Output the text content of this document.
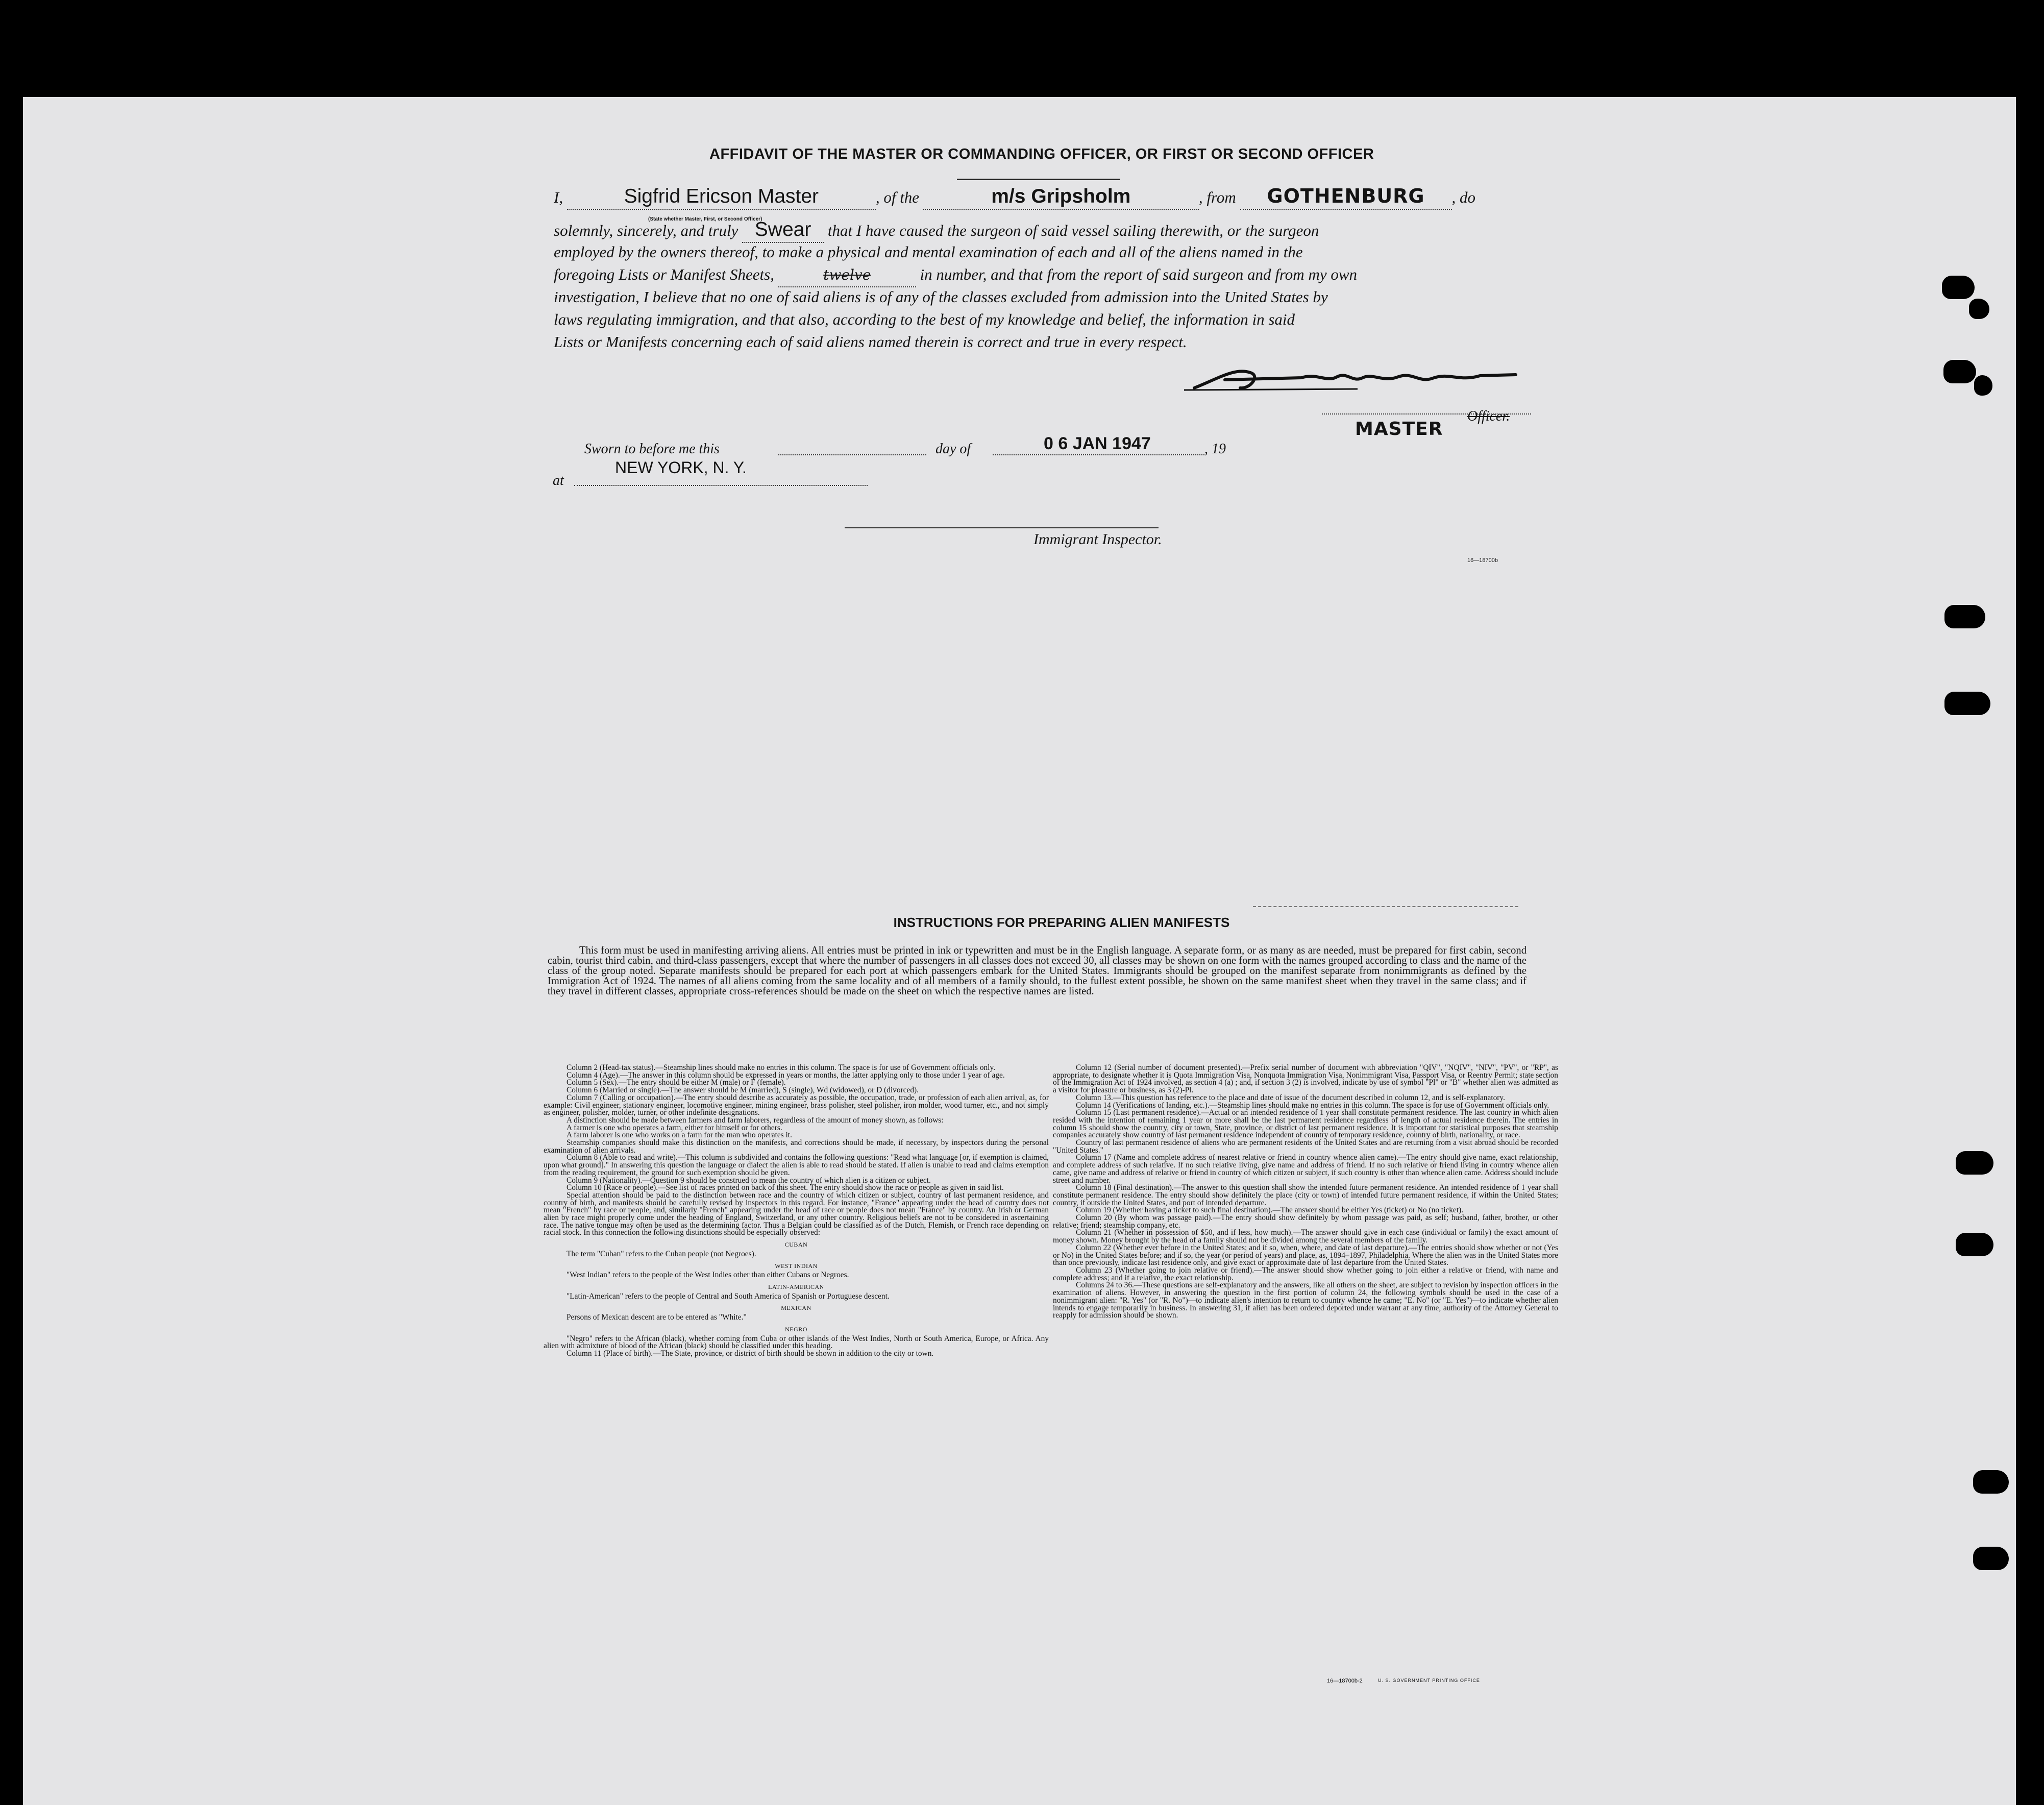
AFFIDAVIT OF THE MASTER OR COMMANDING OFFICER, OR FIRST OR SECOND OFFICER
I,	Sigfrid Ericson Master	, of the	m/s Gripsholm	, from GOTHENBURG , do
(State whether Master, First, or Second Officer)
solemnly, sincerely, and truly Swear that I have caused the surgeon of said vessel sailing therewith, or the surgeon
employed by the owners thereof, to make a physical and mental examination of each and all of the aliens named in the
foregoing Lists or Manifest Sheets,	twelve	in number, and that from the report of said surgeon and from my own
investigation, I believe that no one of said aliens is of any of the classes excluded from admission into the United States by
laws regulating immigration, and that also, according to the best of my knowledge and belief, the information in said
Lists or Manifests concerning each of said aliens named therein is correct and true in every respect.
MASTER
Officer.
Sworn to before me this	day of	0 6 JAN 1947	, 19
NEW YORK, N. Y.
at
Immigrant Inspector.
16—18700b
INSTRUCTIONS FOR PREPARING ALIEN MANIFESTS

This form must be used in manifesting arriving aliens. All entries must be printed in ink or typewritten and must be in the English language. A separate form, or as many as are needed, must be prepared for first cabin, second cabin, tourist third cabin, and third-class passengers, except that where the number of passengers in all classes does not exceed 30, all classes may be shown on one form with the names grouped according to class and the name of the class of the group noted. Separate manifests should be prepared for each port at which passengers embark for the United States. Immigrants should be grouped on the manifest separate from nonimmigrants as defined by the Immigration Act of 1924. The names of all aliens coming from the same locality and of all members of a family should, to the fullest extent possible, be shown on the same manifest sheet when they travel in the same class; and if they travel in different classes, appropriate cross-references should be made on the sheet on which the respective names are listed.

Column 2 (Head-tax status).—Steamship lines should make no entries in this column. The space is for use of Government officials only.

Column 4 (Age).—The answer in this column should be expressed in years or months, the latter applying only to those under 1 year of age.

Column 5 (Sex).—The entry should be either M (male) or F (female).

Column 6 (Married or single).—The answer should be M (married), S (single), Wd (widowed), or D (divorced).

Column 7 (Calling or occupation).—The entry should describe as accurately as possible, the occupation, trade, or profession of each alien arrival, as, for example: Civil engineer, stationary engineer, locomotive engineer, mining engineer, brass polisher, steel polisher, iron molder, wood turner, etc., and not simply as engineer, polisher, molder, turner, or other indefinite designations.

A distinction should be made between farmers and farm laborers, regardless of the amount of money shown, as follows:

A farmer is one who operates a farm, either for himself or for others.

A farm laborer is one who works on a farm for the man who operates it.

Steamship companies should make this distinction on the manifests, and corrections should be made, if necessary, by inspectors during the personal examination of alien arrivals.

Column 8 (Able to read and write).—This column is subdivided and contains the following questions: "Read what language [or, if exemption is claimed, upon what ground]." In answering this question the language or dialect the alien is able to read should be stated. If alien is unable to read and claims exemption from the reading requirement, the ground for such exemption should be given.

Column 9 (Nationality).—Question 9 should be construed to mean the country of which alien is a citizen or subject.

Column 10 (Race or people).—See list of races printed on back of this sheet. The entry should show the race or people as given in said list.

Special attention should be paid to the distinction between race and the country of which citizen or subject, country of last permanent residence, and country of birth, and manifests should be carefully revised by inspectors in this regard. For instance, "France" appearing under the head of country does not mean "French" by race or people, and, similarly "French" appearing under the head of race or people does not mean "France" by country. An Irish or German alien by race might properly come under the heading of England, Switzerland, or any other country. Religious beliefs are not to be considered in ascertaining race. The native tongue may often be used as the determining factor. Thus a Belgian could be classified as of the Dutch, Flemish, or French race depending on racial stock. In this connection the following distinctions should be especially observed:

CUBAN

The term "Cuban" refers to the Cuban people (not Negroes).

WEST INDIAN

"West Indian" refers to the people of the West Indies other than either Cubans or Negroes.

LATIN-AMERICAN

"Latin-American" refers to the people of Central and South America of Spanish or Portuguese descent.

MEXICAN

Persons of Mexican descent are to be entered as "White."

NEGRO

"Negro" refers to the African (black), whether coming from Cuba or other islands of the West Indies, North or South America, Europe, or Africa. Any alien with admixture of blood of the African (black) should be classified under this heading.

Column 11 (Place of birth).—The State, province, or district of birth should be shown in addition to the city or town.

Column 12 (Serial number of document presented).—Prefix serial number of document with abbreviation "QIV", "NQIV", "NIV", "PV", or "RP", as appropriate, to designate whether it is Quota Immigration Visa, Nonquota Immigration Visa, Nonimmigrant Visa, Passport Visa, or Reentry Permit; state section of the Immigration Act of 1924 involved, as section 4 (a) ; and, if section 3 (2) is involved, indicate by use of symbol "Pl" or "B" whether alien was admitted as a visitor for pleasure or business, as 3 (2)-Pl.

Column 13.—This question has reference to the place and date of issue of the document described in column 12, and is self-explanatory.

Column 14 (Verifications of landing, etc.).—Steamship lines should make no entries in this column. The space is for use of Government officials only.

Column 15 (Last permanent residence).—Actual or an intended residence of 1 year shall constitute permanent residence. The last country in which alien resided with the intention of remaining 1 year or more shall be the last permanent residence regardless of length of actual residence therein. The entries in column 15 should show the country, city or town, State, province, or district of last permanent residence. It is important for statistical purposes that steamship companies accurately show country of last permanent residence independent of country of temporary residence, country of birth, nationality, or race.

Country of last permanent residence of aliens who are permanent residents of the United States and are returning from a visit abroad should be recorded "United States."

Column 17 (Name and complete address of nearest relative or friend in country whence alien came).—The entry should give name, exact relationship, and complete address of such relative. If no such relative living, give name and address of friend. If no such relative or friend living in country whence alien came, give name and address of relative or friend in country of which citizen or subject, if such country is other than whence alien came. Address should include street and number.

Column 18 (Final destination).—The answer to this question shall show the intended future permanent residence. An intended residence of 1 year shall constitute permanent residence. The entry should show definitely the place (city or town) of intended future permanent residence, if within the United States; country, if outside the United States, and port of intended departure.

Column 19 (Whether having a ticket to such final destination).—The answer should be either Yes (ticket) or No (no ticket).

Column 20 (By whom was passage paid).—The entry should show definitely by whom passage was paid, as self; husband, father, brother, or other relative; friend; steamship company, etc.

Column 21 (Whether in possession of $50, and if less, how much).—The answer should give in each case (individual or family) the exact amount of money shown. Money brought by the head of a family should not be divided among the several members of the family.

Column 22 (Whether ever before in the United States; and if so, when, where, and date of last departure).—The entries should show whether or not (Yes or No) in the United States before; and if so, the year (or period of years) and place, as, 1894–1897, Philadelphia. Where the alien was in the United States more than once previously, indicate last residence only, and give exact or approximate date of last departure from the United States.

Column 23 (Whether going to join relative or friend).—The answer should show whether going to join either a relative or friend, with name and complete address; and if a relative, the exact relationship.

Columns 24 to 36.—These questions are self-explanatory and the answers, like all others on the sheet, are subject to revision by inspection officers in the examination of aliens. However, in answering the question in the first portion of column 24, the following symbols should be used in the case of a nonimmigrant alien: "R. Yes" (or "R. No")—to indicate alien's intention to return to country whence he came; "E. No" (or "E. Yes")—to indicate whether alien intends to engage temporarily in business. In answering 31, if alien has been ordered deported under warrant at any time, authority of the Attorney General to reapply for admission should be shown.

16—18700b-2	U. S. GOVERNMENT PRINTING OFFICE
